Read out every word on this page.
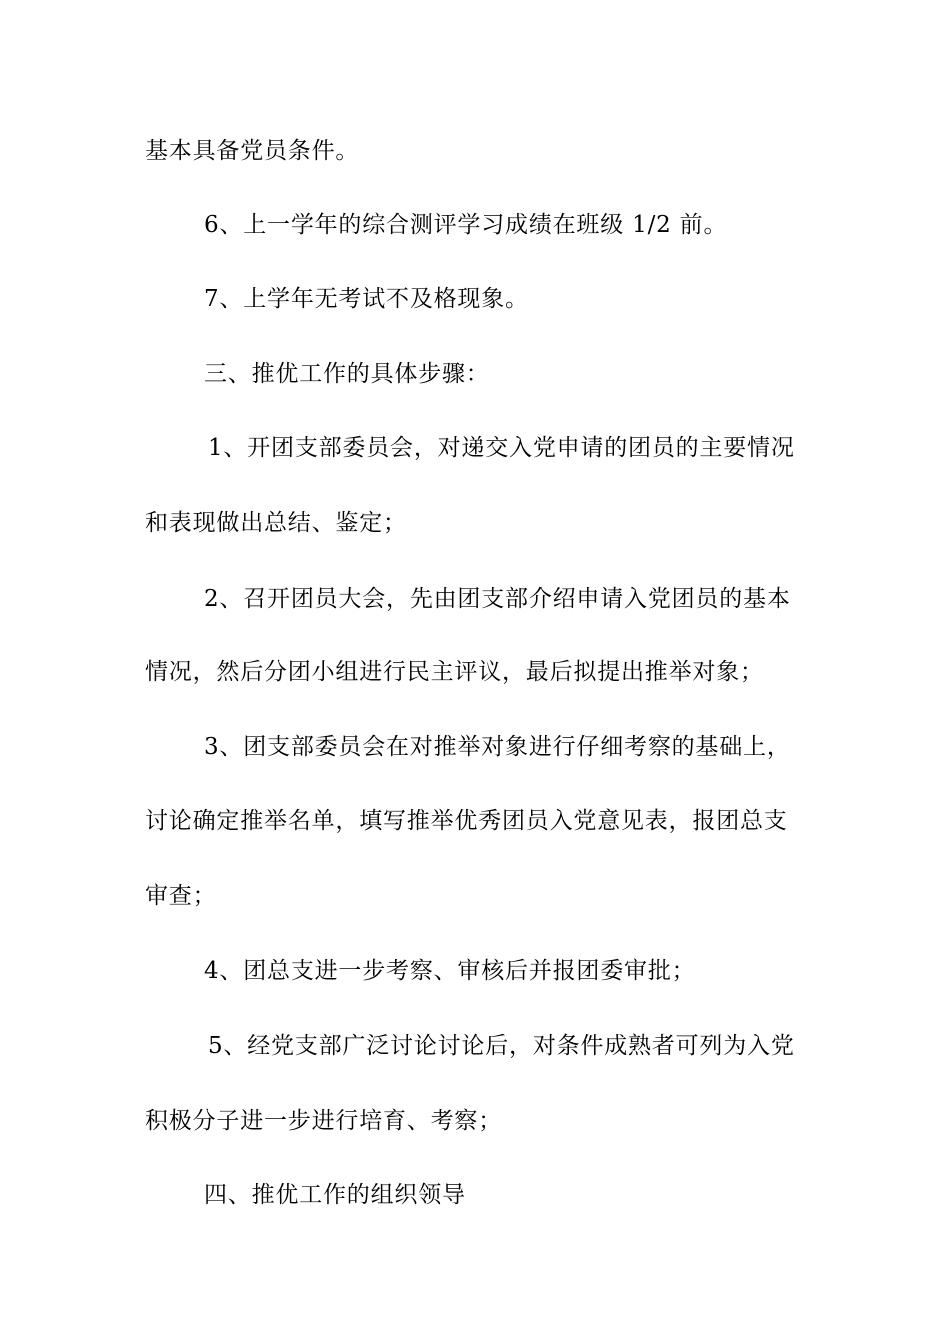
基本具备党员条件。
6、上一学年的综合测评学习成绩在班级 1/2 前。
7、上学年无考试不及格现象。
三、推优工作的具体步骤：
1、开团支部委员会，对递交入党申请的团员的主要情况
和表现做出总结、鉴定；
2、召开团员大会，先由团支部介绍申请入党团员的基本
情况，然后分团小组进行民主评议，最后拟提出推举对象；
3、团支部委员会在对推举对象进行仔细考察的基础上，
讨论确定推举名单，填写推举优秀团员入党意见表，报团总支
审查；
4、团总支进一步考察、审核后并报团委审批；
5、经党支部广泛讨论讨论后，对条件成熟者可列为入党
积极分子进一步进行培育、考察；
四、推优工作的组织领导
